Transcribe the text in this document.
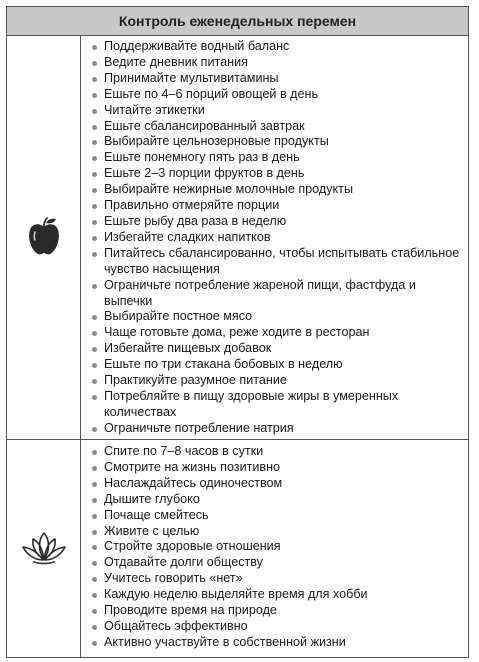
Контроль еженедельных перемен
Поддерживайте водный баланс
Ведите дневник питания
Принимайте мультивитамины
Ешьте по 4–6 порций овощей в день
Читайте этикетки
Ешьте сбалансированный завтрак
Выбирайте цельнозерновые продукты
Ешьте понемногу пять раз в день
Ешьте 2–3 порции фруктов в день
Выбирайте нежирные молочные продукты
Правильно отмеряйте порции
Ешьте рыбу два раза в неделю
Избегайте сладких напитков
Питайтесь сбалансированно, чтобы испытывать стабильное чувство насыщения
Ограничьте потребление жареной пищи, фастфуда и выпечки
Выбирайте постное мясо
Чаще готовьте дома, реже ходите в ресторан
Избегайте пищевых добавок
Ешьте по три стакана бобовых в неделю
Практикуйте разумное питание
Потребляйте в пищу здоровые жиры в умеренных количествах
Ограничьте потребление натрия
Спите по 7–8 часов в сутки
Смотрите на жизнь позитивно
Наслаждайтесь одиночеством
Дышите глубоко
Почаще смейтесь
Живите с целью
Стройте здоровые отношения
Отдавайте долги обществу
Учитесь говорить «нет»
Каждую неделю выделяйте время для хобби
Проводите время на природе
Общайтесь эффективно
Активно участвуйте в собственной жизни
